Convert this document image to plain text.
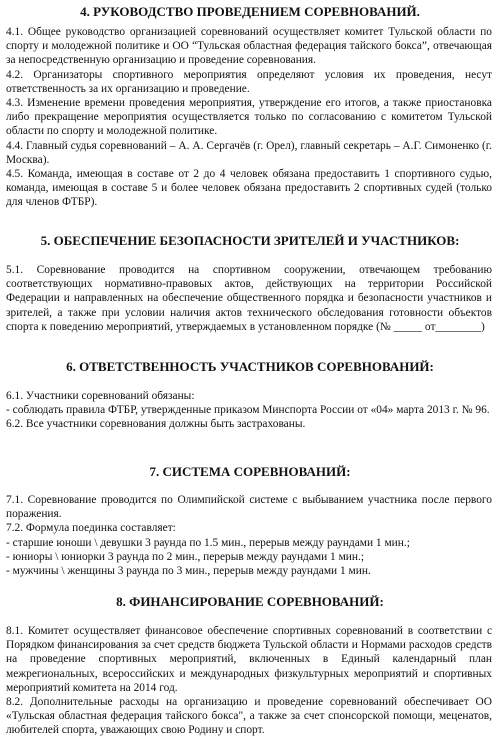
4. РУКОВОДСТВО ПРОВЕДЕНИЕМ СОРЕВНОВАНИЙ.

4.1. Общее руководство организацией соревнований осуществляет комитет Тульской области по спорту и молодежной политике и ОО “Тульская областная федерация тайского бокса”, отвечающая за непосредственную организацию и проведение соревнования.

4.2. Организаторы спортивного мероприятия определяют условия их проведения, несут ответственность за их организацию и проведение.

4.3. Изменение времени проведения мероприятия, утверждение его итогов, а также приостановка либо прекращение мероприятия осуществляется только по согласованию с комитетом Тульской области по спорту и молодежной политике.

4.4. Главный судья соревнований – А. А. Сергачёв (г. Орел), главный секретарь – А.Г. Симоненко (г. Москва).

4.5. Команда, имеющая в составе от 2 до 4 человек обязана предоставить 1 спортивного судью, команда, имеющая в составе 5 и более человек обязана предоставить 2 спортивных судей (только для членов ФТБР).

5. ОБЕСПЕЧЕНИЕ БЕЗОПАСНОСТИ ЗРИТЕЛЕЙ И УЧАСТНИКОВ:

5.1. Соревнование проводится на спортивном сооружении, отвечающем требованию соответствующих нормативно-правовых актов, действующих на территории Российской Федерации и направленных на обеспечение общественного порядка и безопасности участников и зрителей, а также при условии наличия актов технического обследования готовности объектов спорта к поведению мероприятий, утверждаемых в установленном порядке (№ _____ от________)

6. ОТВЕТСТВЕННОСТЬ УЧАСТНИКОВ СОРЕВНОВАНИЙ:

6.1. Участники соревнований обязаны:

- соблюдать правила ФТБР, утвержденные приказом Минспорта России от «04» марта 2013 г. № 96.

6.2. Все участники соревнования должны быть застрахованы.

7. СИСТЕМА СОРЕВНОВАНИЙ:

7.1. Соревнование проводится по Олимпийской системе с выбыванием участника после первого поражения.

7.2. Формула поединка составляет:

- старшие юноши \ девушки 3 раунда по 1.5 мин., перерыв между раундами 1 мин.;

- юниоры \ юниорки 3 раунда по 2 мин., перерыв между раундами 1 мин.;

- мужчины \ женщины 3 раунда по 3 мин., перерыв между раундами 1 мин.

8. ФИНАНСИРОВАНИЕ СОРЕВНОВАНИЙ:

8.1. Комитет осуществляет финансовое обеспечение спортивных соревнований в соответствии с Порядком финансирования за счет средств бюджета Тульской области и Нормами расходов средств на проведение спортивных мероприятий, включенных в Единый календарный план межрегиональных, всероссийских и международных физкультурных мероприятий и спортивных мероприятий комитета на 2014 год.

8.2. Дополнительные расходы на организацию и проведение соревнований обеспечивает ОО «Тульская областная федерация тайского бокса", а также за счет спонсорской помощи, меценатов, любителей спорта, уважающих свою Родину и спорт.
